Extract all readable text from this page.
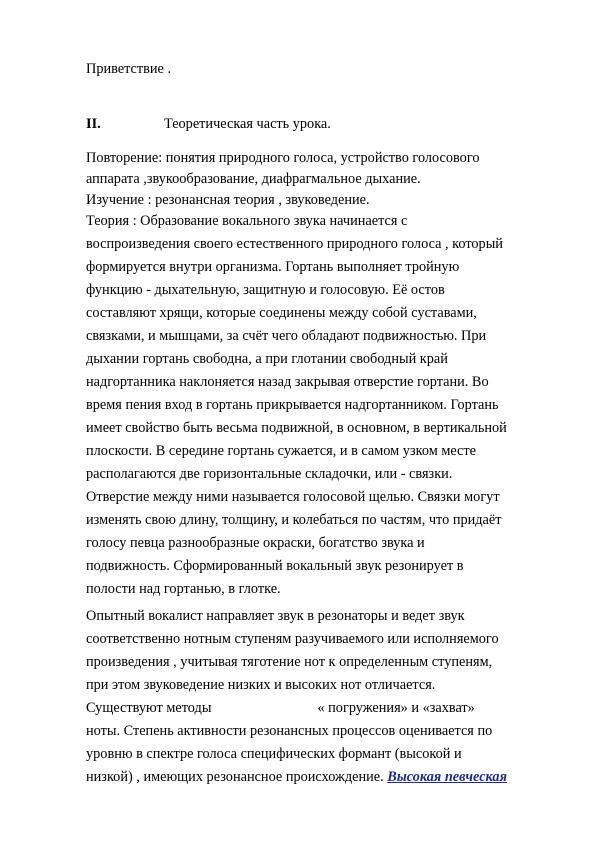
Приветствие .
II.	Теоретическая часть урока.
Повторение: понятия природного голоса, устройство голосового
аппарата ,звукообразование, диафрагмальное дыхание.
Изучение : резонансная теория , звуковедение.
Теория : Образование вокального звука начинается с
воспроизведения своего естественного природного голоса , который
формируется внутри организма. Гортань выполняет тройную
функцию - дыхательную, защитную и голосовую. Её остов
составляют хрящи, которые соединены между собой суставами,
связками, и мышцами, за счёт чего обладают подвижностью. При
дыхании гортань свободна, а при глотании свободный край
надгортанника наклоняется назад закрывая отверстие гортани. Во
время пения вход в гортань прикрывается надгортанником. Гортань
имеет свойство быть весьма подвижной, в основном, в вертикальной
плоскости. В середине гортань сужается, и в самом узком месте
располагаются две горизонтальные складочки, или - связки.
Отверстие между ними называется голосовой щелью. Связки могут
изменять свою длину, толщину, и колебаться по частям, что придаёт
голосу певца разнообразные окраски, богатство звука и
подвижность. Сформированный вокальный звук резонирует в
полости над гортанью, в глотке.
Опытный вокалист направляет звук в резонаторы и ведет звук
соответственно нотным ступеням разучиваемого или исполняемого
произведения , учитывая тяготение нот к определенным ступеням,
при этом звуковедение низких и высоких нот отличается.
Существуют методы	« погружения» и «захват»
ноты. Степень активности резонансных процессов оценивается по
уровню в спектре голоса специфических формант (высокой и
низкой) , имеющих резонансное происхождение. Высокая певческая
